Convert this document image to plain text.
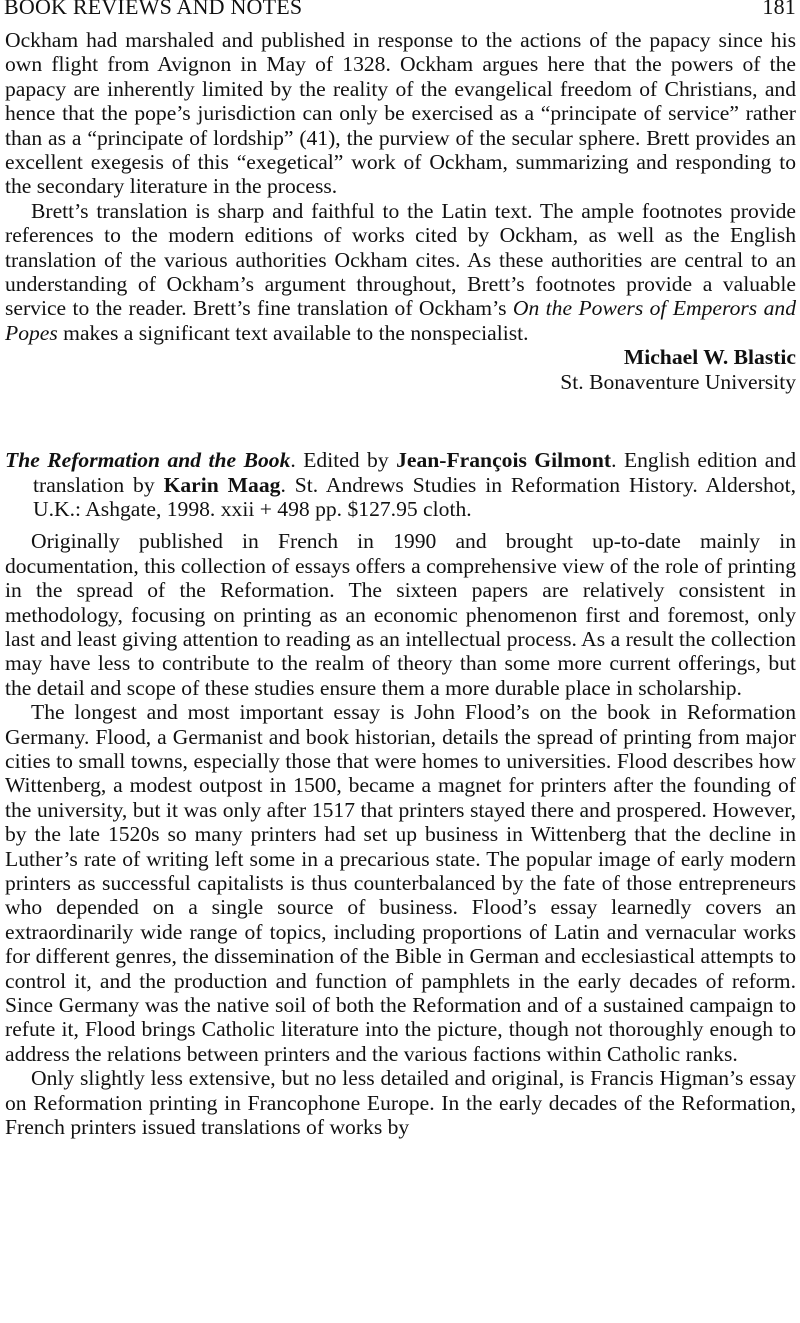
BOOK REVIEWS AND NOTES	181

Ockham had marshaled and published in response to the actions of the papacy since his own flight from Avignon in May of 1328. Ockham argues here that the powers of the papacy are inherently limited by the reality of the evangelical freedom of Christians, and hence that the pope’s jurisdiction can only be exercised as a “principate of service” rather than as a “principate of lordship” (41), the purview of the secular sphere. Brett provides an excellent exegesis of this “exegetical” work of Ockham, summarizing and responding to the secondary literature in the process.

Brett’s translation is sharp and faithful to the Latin text. The ample footnotes provide references to the modern editions of works cited by Ockham, as well as the English translation of the various authorities Ockham cites. As these authorities are central to an understanding of Ockham’s argument throughout, Brett’s footnotes provide a valuable service to the reader. Brett’s fine translation of Ockham’s On the Powers of Emperors and Popes makes a significant text available to the nonspecialist.

Michael W. Blastic
St. Bonaventure University
The Reformation and the Book. Edited by Jean-François Gilmont. English edition and translation by Karin Maag. St. Andrews Studies in Reformation History. Aldershot, U.K.: Ashgate, 1998. xxii + 498 pp. $127.95 cloth.

Originally published in French in 1990 and brought up-to-date mainly in documentation, this collection of essays offers a comprehensive view of the role of printing in the spread of the Reformation. The sixteen papers are relatively consistent in methodology, focusing on printing as an economic phenomenon first and foremost, only last and least giving attention to reading as an intellectual process. As a result the collection may have less to contribute to the realm of theory than some more current offerings, but the detail and scope of these studies ensure them a more durable place in scholarship.

The longest and most important essay is John Flood’s on the book in Reformation Germany. Flood, a Germanist and book historian, details the spread of printing from major cities to small towns, especially those that were homes to universities. Flood describes how Wittenberg, a modest outpost in 1500, became a magnet for printers after the founding of the university, but it was only after 1517 that printers stayed there and prospered. However, by the late 1520s so many printers had set up business in Wittenberg that the decline in Luther’s rate of writing left some in a precarious state. The popular image of early modern printers as successful capitalists is thus counterbalanced by the fate of those entrepreneurs who depended on a single source of business. Flood’s essay learnedly covers an extraordinarily wide range of topics, including proportions of Latin and vernacular works for different genres, the dissemination of the Bible in German and ecclesiastical attempts to control it, and the production and function of pamphlets in the early decades of reform. Since Germany was the native soil of both the Reformation and of a sustained campaign to refute it, Flood brings Catholic literature into the picture, though not thoroughly enough to address the relations between printers and the various factions within Catholic ranks.

Only slightly less extensive, but no less detailed and original, is Francis Higman’s essay on Reformation printing in Francophone Europe. In the early decades of the Reformation, French printers issued translations of works by
